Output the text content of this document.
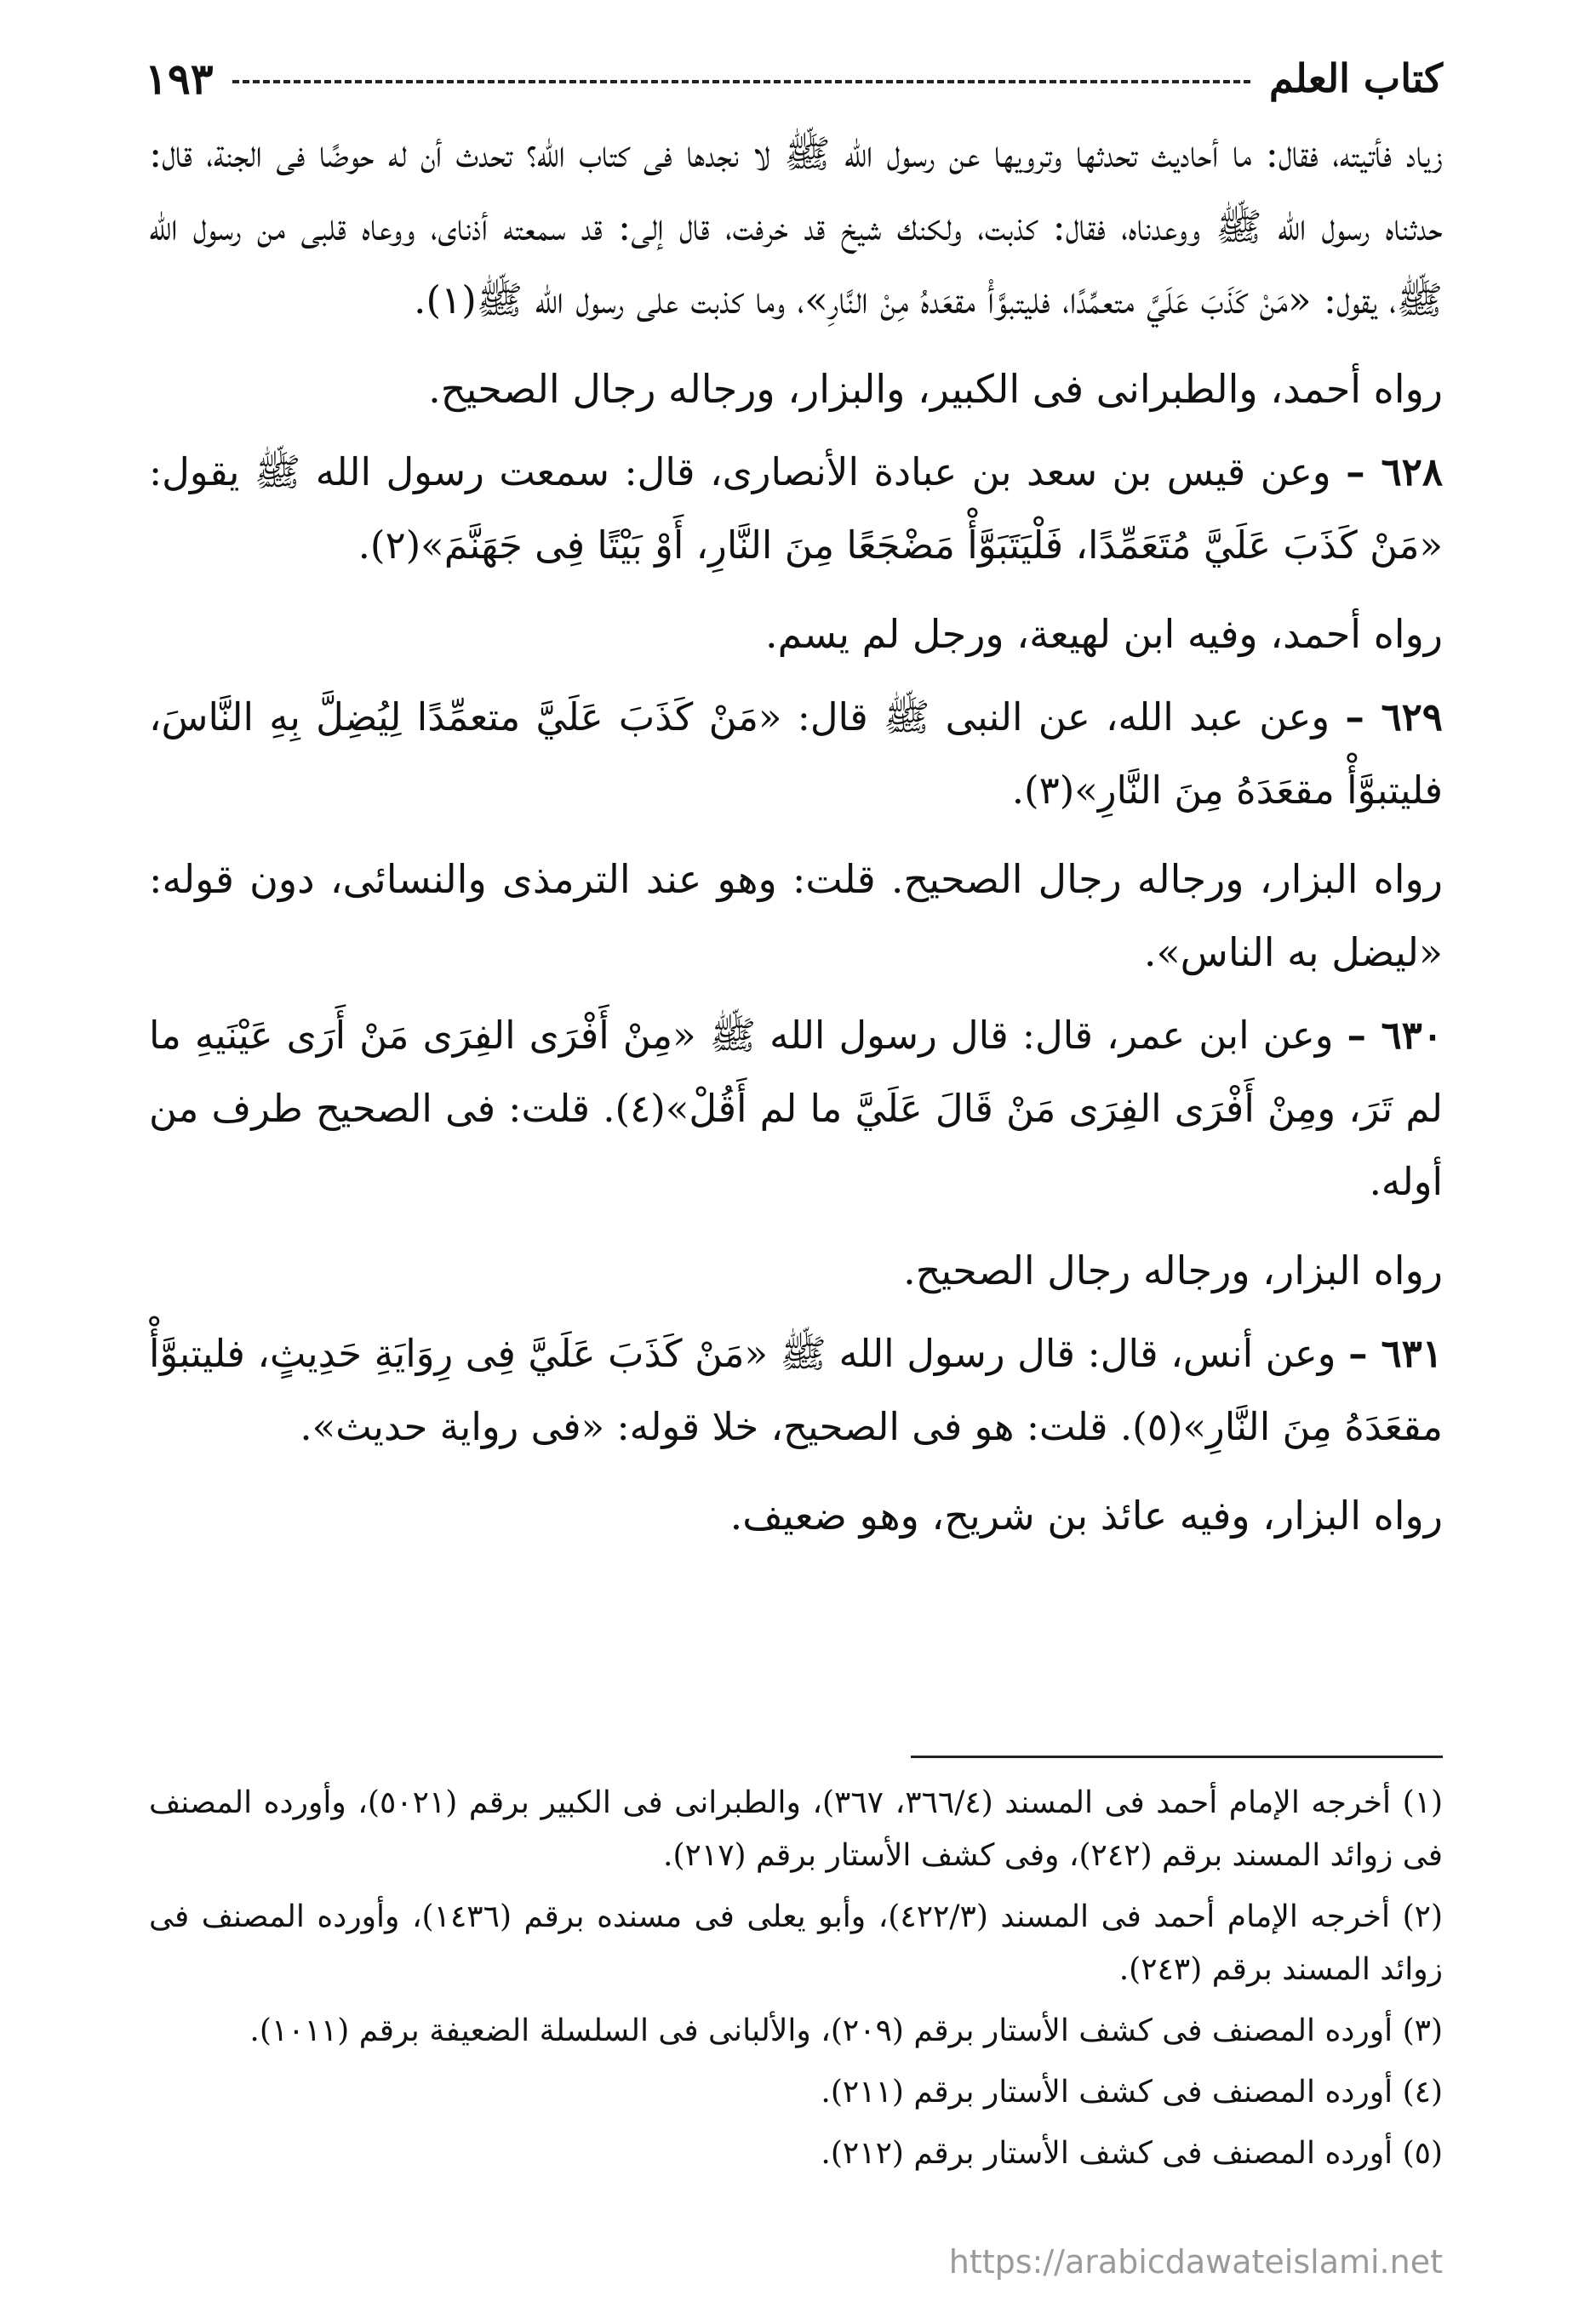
كتاب العلم
١٩٣

زياد فأتيته، فقال: ما أحاديث تحدثها وترويها عن رسول الله ﷺ لا نجدها فى كتاب الله؟ تحدث أن له حوضًا فى الجنة، قال: حدثناه رسول الله ﷺ ووعدناه، فقال: كذبت، ولكنك شيخ قد خرفت، قال إلى: قد سمعته أذناى، ووعاه قلبى من رسول الله ﷺ، يقول: «مَنْ كَذَبَ عَلَيَّ متعمِّدًا، فليتبوَّأْ مقعَدهُ مِنْ النَّارِ»، وما كذبت على رسول الله ﷺ(١).

رواه أحمد، والطبرانى فى الكبير، والبزار، ورجاله رجال الصحيح.

٦٢٨ – وعن قيس بن سعد بن عبادة الأنصارى، قال: سمعت رسول الله ﷺ يقول: «مَنْ كَذَبَ عَلَيَّ مُتَعَمِّدًا، فَلْيَتَبَوَّأْ مَضْجَعًا مِنَ النَّارِ، أَوْ بَيْتًا فِى جَهَنَّمَ»(٢).

رواه أحمد، وفيه ابن لهيعة، ورجل لم يسم.

٦٢٩ – وعن عبد الله، عن النبى ﷺ قال: «مَنْ كَذَبَ عَلَيَّ متعمِّدًا لِيُضِلَّ بِهِ النَّاسَ، فليتبوَّأْ مقعَدَهُ مِنَ النَّارِ»(٣).

رواه البزار، ورجاله رجال الصحيح. قلت: وهو عند الترمذى والنسائى، دون قوله: «ليضل به الناس».

٦٣٠ – وعن ابن عمر، قال: قال رسول الله ﷺ «مِنْ أَفْرَى الفِرَى مَنْ أَرَى عَيْنَيهِ ما لم تَرَ، ومِنْ أَفْرَى الفِرَى مَنْ قَالَ عَلَيَّ ما لم أَقُلْ»(٤). قلت: فى الصحيح طرف من أوله.

رواه البزار، ورجاله رجال الصحيح.

٦٣١ – وعن أنس، قال: قال رسول الله ﷺ «مَنْ كَذَبَ عَلَيَّ فِى رِوَايَةِ حَدِيثٍ، فليتبوَّأْ مقعَدَهُ مِنَ النَّارِ»(٥). قلت: هو فى الصحيح، خلا قوله: «فى رواية حديث».

رواه البزار، وفيه عائذ بن شريح، وهو ضعيف.

(١) أخرجه الإمام أحمد فى المسند (٣٦٦/٤، ٣٦٧)، والطبرانى فى الكبير برقم (٥٠٢١)، وأورده المصنف فى زوائد المسند برقم (٢٤٢)، وفى كشف الأستار برقم (٢١٧).

(٢) أخرجه الإمام أحمد فى المسند (٤٢٢/٣)، وأبو يعلى فى مسنده برقم (١٤٣٦)، وأورده المصنف فى زوائد المسند برقم (٢٤٣).

(٣) أورده المصنف فى كشف الأستار برقم (٢٠٩)، والألبانى فى السلسلة الضعيفة برقم (١٠١١).

(٤) أورده المصنف فى كشف الأستار برقم (٢١١).

(٥) أورده المصنف فى كشف الأستار برقم (٢١٢).

https://arabicdawateislami.net
